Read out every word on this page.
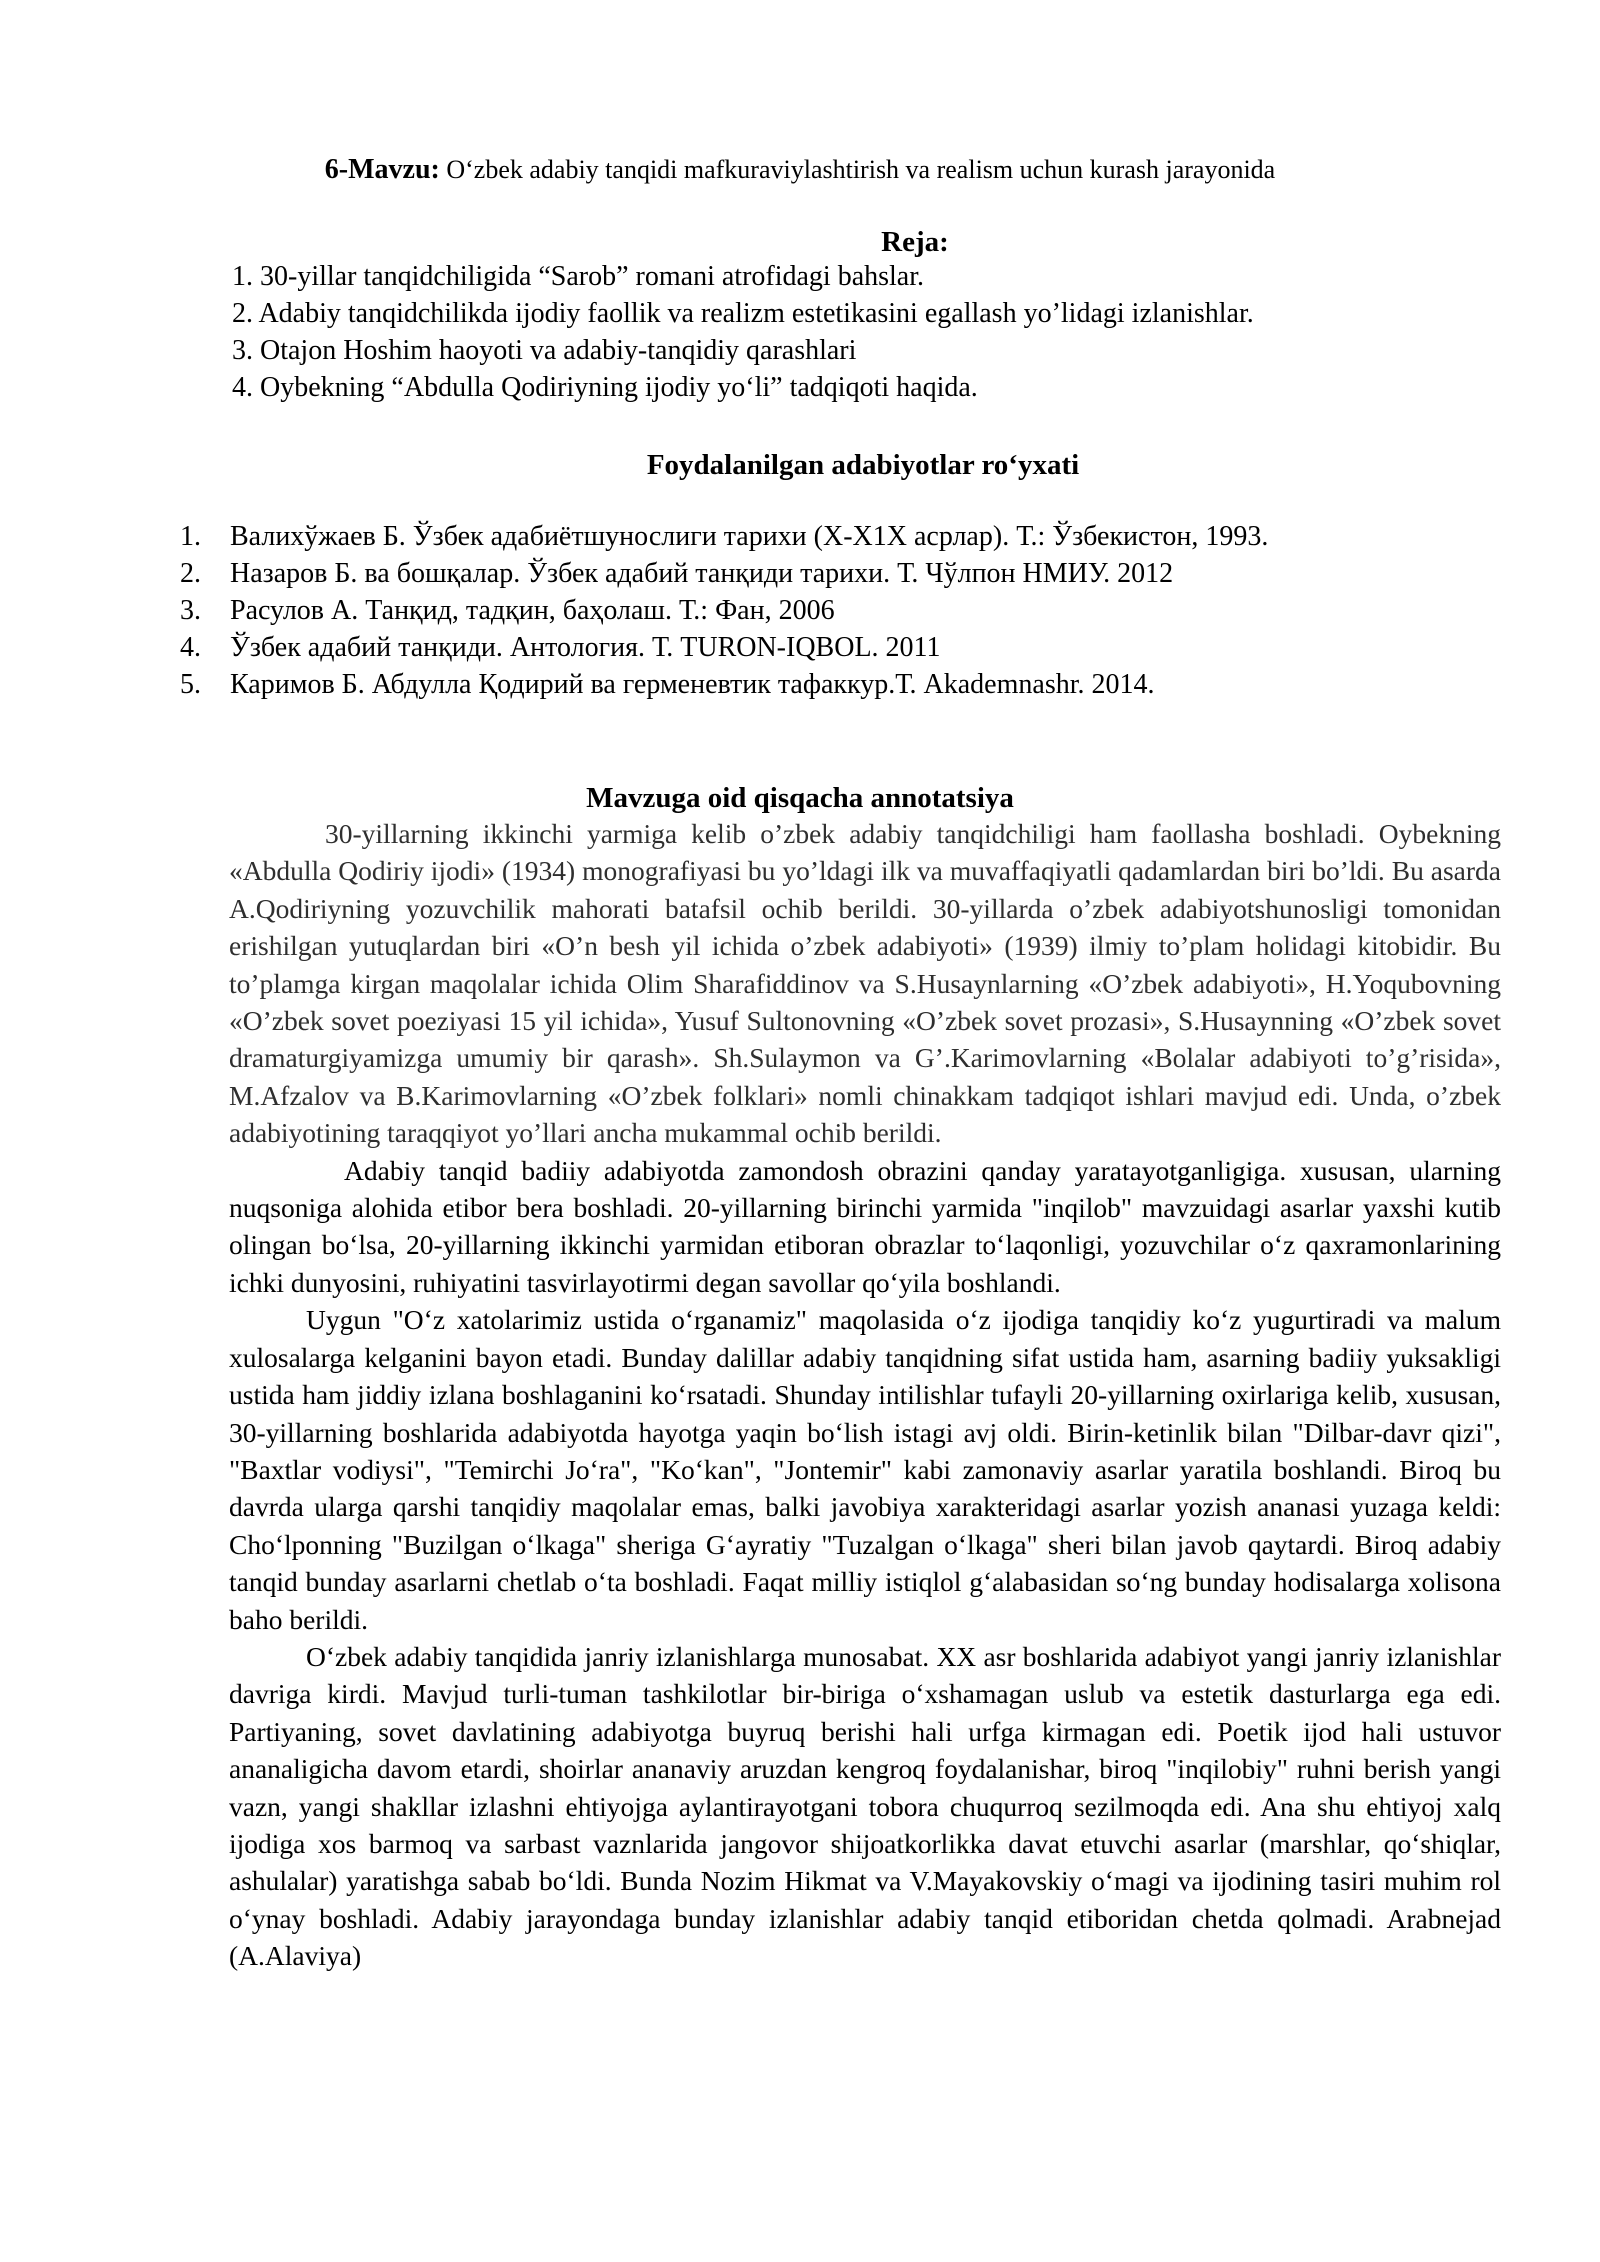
6-Mavzu: O‘zbek adabiy tanqidi mafkuraviylashtirish va realism uchun kurash jarayonida
Reja:
1. 30-yillar tanqidchiligida “Sarob” romani atrofidagi bahslar.
2. Adabiy tanqidchilikda ijodiy faollik va realizm estetikasini egallash yo’lidagi izlanishlar.
3. Otajon Hoshim haoyoti va adabiy-tanqidiy qarashlari
4. Oybekning “Abdulla Qodiriyning ijodiy yo‘li” tadqiqoti haqida.
Foydalanilgan adabiyotlar ro‘yxati
1. Валихўжаев Б. Ўзбек адабиётшунослиги тарихи (Х-Х1Х асрлар). Т.: Ўзбекистон, 1993.
2. Назаров Б. ва бошқалар. Ўзбек адабий танқиди тарихи. Т. Чўлпон НМИУ. 2012
3. Расулов А. Танқид, тадқин, баҳолаш. Т.: Фан, 2006
4. Ўзбек адабий танқиди. Антология. Т. TURON-IQBOL. 2011
5. Каримов Б. Абдулла Қодирий ва герменевтик тафаккур.Т. Akademnashr. 2014.
Mavzuga oid qisqacha annotatsiya

30-yillarning ikkinchi yarmiga kelib o’zbek adabiy tanqidchiligi ham faollasha boshladi. Oybekning «Abdulla Qodiriy ijodi» (1934) monografiyasi bu yo’ldagi ilk va muvaffaqiyatli qadamlardan biri bo’ldi. Bu asarda A.Qodiriyning yozuvchilik mahorati batafsil ochib berildi. 30-yillarda o’zbek adabiyotshunosligi tomonidan erishilgan yutuqlardan biri «O’n besh yil ichida o’zbek adabiyoti» (1939) ilmiy to’plam holidagi kitobidir. Bu to’plamga kirgan maqolalar ichida Olim Sharafiddinov va S.Husaynlarning «O’zbek adabiyoti», H.Yoqubovning «O’zbek sovet poeziyasi 15 yil ichida», Yusuf Sultonovning «O’zbek sovet prozasi», S.Husaynning «O’zbek sovet dramaturgiyamizga umumiy bir qarash». Sh.Sulaymon va G’.Karimovlarning «Bolalar adabiyoti to’g’risida», M.Afzalov va B.Karimovlarning «O’zbek folklari» nomli chinakkam tadqiqot ishlari mavjud edi. Unda, o’zbek adabiyotining taraqqiyot yo’llari ancha mukammal ochib berildi.

Adabiy tanqid badiiy adabiyotda zamondosh obrazini qanday yaratayotganligiga. xususan, ularning nuqsoniga alohida etibor bera boshladi. 20-yillarning birinchi yarmida "inqilob" mavzuidagi asarlar yaxshi kutib olingan bo‘lsa, 20-yillarning ikkinchi yarmidan etiboran obrazlar to‘laqonligi, yozuvchilar o‘z qaxramonlarining ichki dunyosini, ruhiyatini tasvirlayotirmi degan savollar qo‘yila boshlandi.

Uygun "O‘z xatolarimiz ustida o‘rganamiz" maqolasida o‘z ijodiga tanqidiy ko‘z yugurtiradi va malum xulosalarga kelganini bayon etadi. Bunday dalillar adabiy tanqidning sifat ustida ham, asarning badiiy yuksakligi ustida ham jiddiy izlana boshlaganini ko‘rsatadi. Shunday intilishlar tufayli 20-yillarning oxirlariga kelib, xususan, 30-yillarning boshlarida adabiyotda hayotga yaqin bo‘lish istagi avj oldi. Birin-ketinlik bilan "Dilbar-davr qizi", "Baxtlar vodiysi", "Temirchi Jo‘ra", "Ko‘kan", "Jontemir" kabi zamonaviy asarlar yaratila boshlandi. Biroq bu davrda ularga qarshi tanqidiy maqolalar emas, balki javobiya xarakteridagi asarlar yozish ananasi yuzaga keldi: Cho‘lponning "Buzilgan o‘lkaga" sheriga G‘ayratiy "Tuzalgan o‘lkaga" sheri bilan javob qaytardi. Biroq adabiy tanqid bunday asarlarni chetlab o‘ta boshladi. Faqat milliy istiqlol g‘alabasidan so‘ng bunday hodisalarga xolisona baho berildi.

O‘zbek adabiy tanqidida janriy izlanishlarga munosabat. XX asr boshlarida adabiyot yangi janriy izlanishlar davriga kirdi. Mavjud turli-tuman tashkilotlar bir-biriga o‘xshamagan uslub va estetik dasturlarga ega edi. Partiyaning, sovet davlatining adabiyotga buyruq berishi hali urfga kirmagan edi. Poetik ijod hali ustuvor ananaligicha davom etardi, shoirlar ananaviy aruzdan kengroq foydalanishar, biroq "inqilobiy" ruhni berish yangi vazn, yangi shakllar izlashni ehtiyojga aylantirayotgani tobora chuqurroq sezilmoqda edi. Ana shu ehtiyoj xalq ijodiga xos barmoq va sarbast vaznlarida jangovor shijoatkorlikka davat etuvchi asarlar (marshlar, qo‘shiqlar, ashulalar) yaratishga sabab bo‘ldi. Bunda Nozim Hikmat va V.Mayakovskiy o‘magi va ijodining tasiri muhim rol o‘ynay boshladi. Adabiy jarayondaga bunday izlanishlar adabiy tanqid etiboridan chetda qolmadi. Arabnejad (A.Alaviya)
